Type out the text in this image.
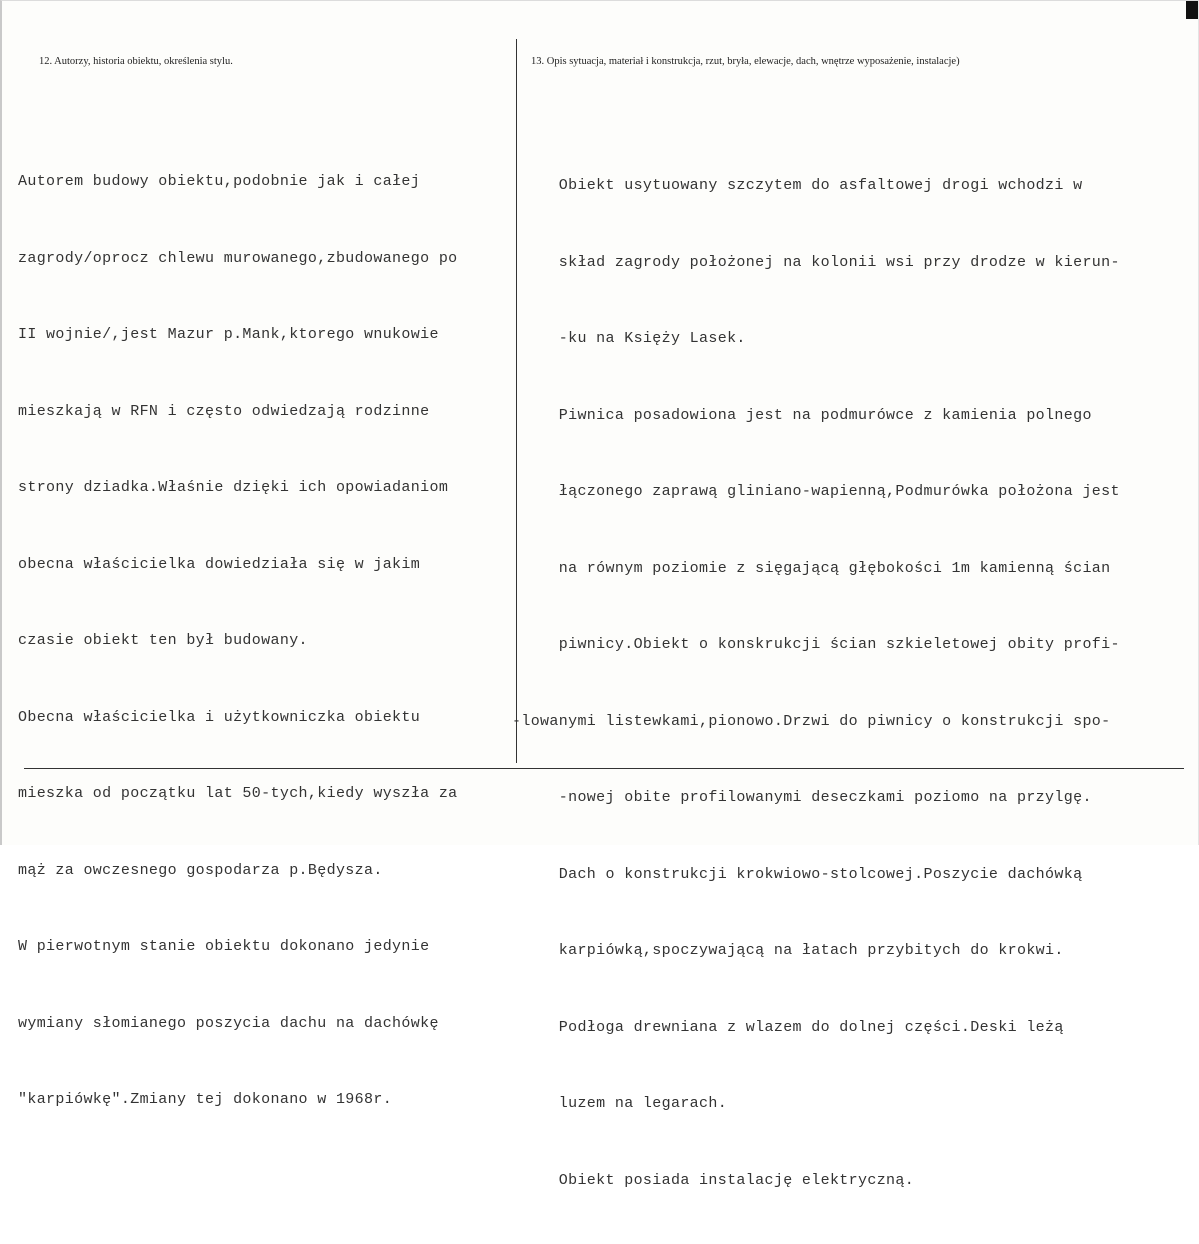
12. Autorzy, historia obiektu, określenia stylu.	13. Opis sytuacja, materiał i konstrukcja, rzut, bryła, elewacje, dach, wnętrze wyposażenie, instalacje)

Autorem budowy obiektu,podobnie jak i całej

zagrody/oprocz chlewu murowanego,zbudowanego po

II wojnie/,jest Mazur p.Mank,ktorego wnukowie

mieszkają w RFN i często odwiedzają rodzinne

strony dziadka.Właśnie dzięki ich opowiadaniom

obecna właścicielka dowiedziała się w jakim

czasie obiekt ten był budowany.

Obecna właścicielka i użytkowniczka obiektu

mieszka od początku lat 50-tych,kiedy wyszła za

mąż za owczesnego gospodarza p.Będysza.

W pierwotnym stanie obiektu dokonano jedynie

wymiany słomianego poszycia dachu na dachówkę

"karpiówkę".Zmiany tej dokonano w 1968r.

Obiekt usytuowany szczytem do asfaltowej drogi wchodzi w

skład zagrody położonej na kolonii wsi przy drodze w kierun-

-ku na Księży Lasek.

Piwnica posadowiona jest na podmurówce z kamienia polnego

łączonego zaprawą gliniano-wapienną,Podmurówka położona jest

na równym poziomie z sięgającą głębokości 1m kamienną ścian

piwnicy.Obiekt o konskrukcji ścian szkieletowej obity profi-

-lowanymi listewkami,pionowo.Drzwi do piwnicy o konstrukcji spo-

-nowej obite profilowanymi deseczkami poziomo na przylgę.

Dach o konstrukcji krokwiowo-stolcowej.Poszycie dachówką

karpiówką,spoczywającą na łatach przybitych do krokwi.

Podłoga drewniana z wlazem do dolnej części.Deski leżą

luzem na legarach.

Obiekt posiada instalację elektryczną.
